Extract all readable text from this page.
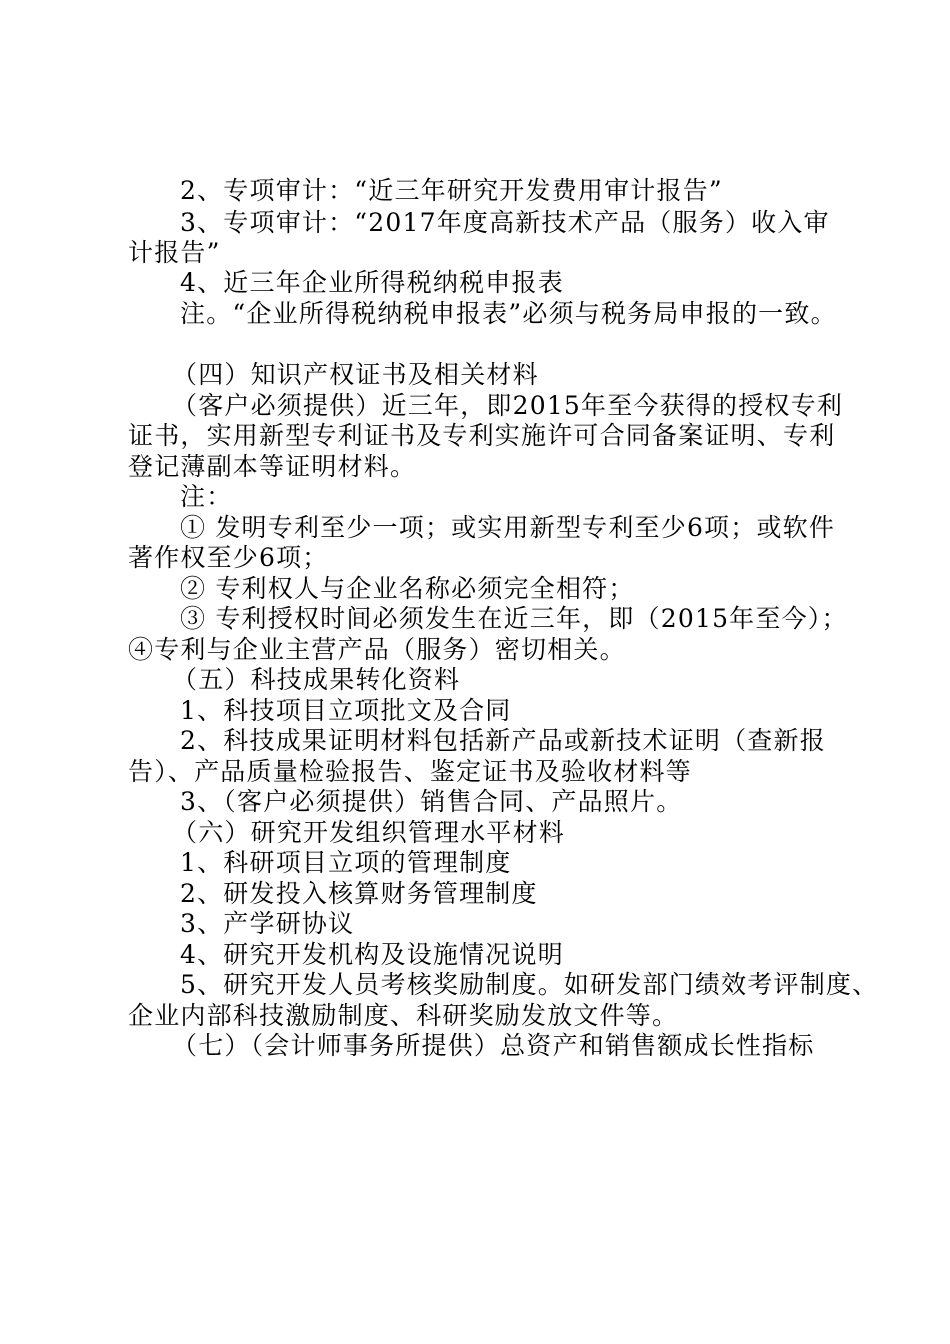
2、专项审计：“近三年研究开发费用审计报告”
3、专项审计：“2017年度高新技术产品（服务）收入审
计报告”
4、近三年企业所得税纳税申报表
注。“企业所得税纳税申报表”必须与税务局申报的一致。
（四）知识产权证书及相关材料
（客户必须提供）近三年，即2015年至今获得的授权专利
证书，实用新型专利证书及专利实施许可合同备案证明、专利
登记薄副本等证明材料。
注：
① 发明专利至少一项；或实用新型专利至少6项；或软件
著作权至少6项；
② 专利权人与企业名称必须完全相符；
③ 专利授权时间必须发生在近三年，即（2015年至今）；
④专利与企业主营产品（服务）密切相关。
（五）科技成果转化资料
1、科技项目立项批文及合同
2、科技成果证明材料包括新产品或新技术证明（查新报
告）、产品质量检验报告、鉴定证书及验收材料等
3、（客户必须提供）销售合同、产品照片。
（六）研究开发组织管理水平材料
1、科研项目立项的管理制度
2、研发投入核算财务管理制度
3、产学研协议
4、研究开发机构及设施情况说明
5、研究开发人员考核奖励制度。如研发部门绩效考评制度、
企业内部科技激励制度、科研奖励发放文件等。
（七）（会计师事务所提供）总资产和销售额成长性指标
